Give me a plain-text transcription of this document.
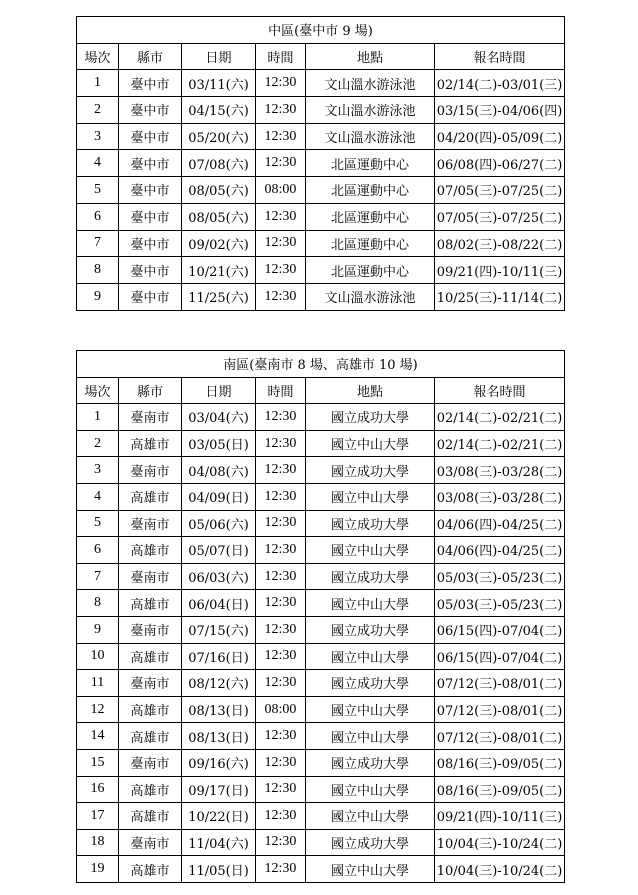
中區(臺中市 9 場)					
場次	縣市	日期	時間	地點	報名時間
1	臺中市	03/11(六)	12:30	文山溫水游泳池	02/14(二)-03/01(三)
2	臺中市	04/15(六)	12:30	文山溫水游泳池	03/15(三)-04/06(四)
3	臺中市	05/20(六)	12:30	文山溫水游泳池	04/20(四)-05/09(二)
4	臺中市	07/08(六)	12:30	北區運動中心	06/08(四)-06/27(二)
5	臺中市	08/05(六)	08:00	北區運動中心	07/05(三)-07/25(二)
6	臺中市	08/05(六)	12:30	北區運動中心	07/05(三)-07/25(二)
7	臺中市	09/02(六)	12:30	北區運動中心	08/02(三)-08/22(二)
8	臺中市	10/21(六)	12:30	北區運動中心	09/21(四)-10/11(三)
9	臺中市	11/25(六)	12:30	文山溫水游泳池	10/25(三)-11/14(二)
南區(臺南市 8 場、高雄市 10 場)					
場次	縣市	日期	時間	地點	報名時間
1	臺南市	03/04(六)	12:30	國立成功大學	02/14(二)-02/21(二)
2	高雄市	03/05(日)	12:30	國立中山大學	02/14(二)-02/21(二)
3	臺南市	04/08(六)	12:30	國立成功大學	03/08(三)-03/28(二)
4	高雄市	04/09(日)	12:30	國立中山大學	03/08(三)-03/28(二)
5	臺南市	05/06(六)	12:30	國立成功大學	04/06(四)-04/25(二)
6	高雄市	05/07(日)	12:30	國立中山大學	04/06(四)-04/25(二)
7	臺南市	06/03(六)	12:30	國立成功大學	05/03(三)-05/23(二)
8	高雄市	06/04(日)	12:30	國立中山大學	05/03(三)-05/23(二)
9	臺南市	07/15(六)	12:30	國立成功大學	06/15(四)-07/04(二)
10	高雄市	07/16(日)	12:30	國立中山大學	06/15(四)-07/04(二)
11	臺南市	08/12(六)	12:30	國立成功大學	07/12(三)-08/01(二)
12	高雄市	08/13(日)	08:00	國立中山大學	07/12(三)-08/01(二)
14	高雄市	08/13(日)	12:30	國立中山大學	07/12(三)-08/01(二)
15	臺南市	09/16(六)	12:30	國立成功大學	08/16(三)-09/05(二)
16	高雄市	09/17(日)	12:30	國立中山大學	08/16(三)-09/05(二)
17	高雄市	10/22(日)	12:30	國立中山大學	09/21(四)-10/11(三)
18	臺南市	11/04(六)	12:30	國立成功大學	10/04(三)-10/24(二)
19	高雄市	11/05(日)	12:30	國立中山大學	10/04(三)-10/24(二)
